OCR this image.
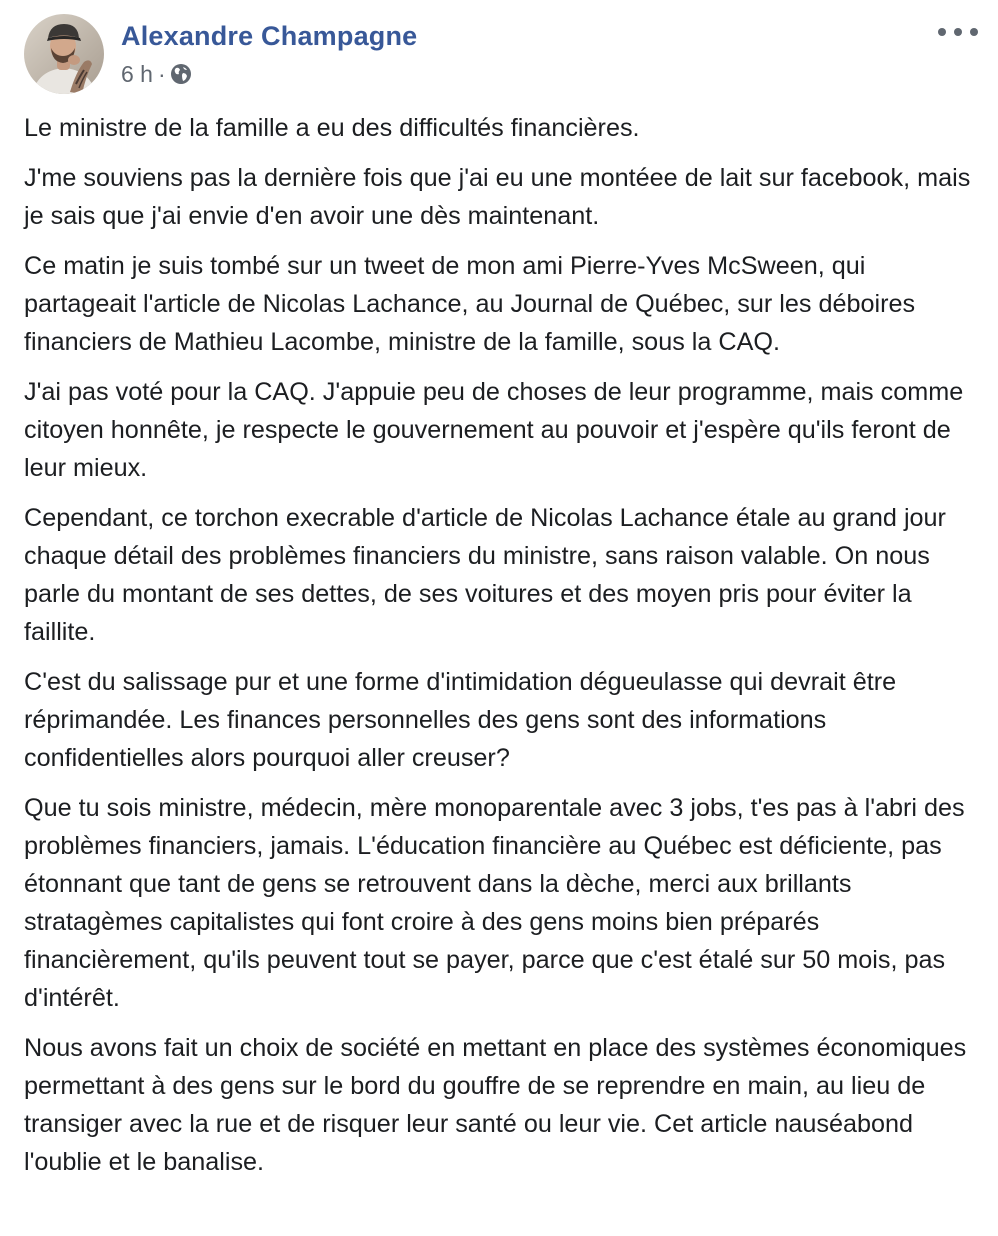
Alexandre Champagne
6 h ·

Le ministre de la famille a eu des difficultés financières.

J'me souviens pas la dernière fois que j'ai eu une montéee de lait sur facebook, mais je sais que j'ai envie d'en avoir une dès maintenant.

Ce matin je suis tombé sur un tweet de mon ami Pierre-Yves McSween, qui partageait l'article de Nicolas Lachance, au Journal de Québec, sur les déboires financiers de Mathieu Lacombe, ministre de la famille, sous la CAQ.

J'ai pas voté pour la CAQ. J'appuie peu de choses de leur programme, mais comme citoyen honnête, je respecte le gouvernement au pouvoir et j'espère qu'ils feront de leur mieux.

Cependant, ce torchon execrable d'article de Nicolas Lachance étale au grand jour chaque détail des problèmes financiers du ministre, sans raison valable. On nous parle du montant de ses dettes, de ses voitures et des moyen pris pour éviter la faillite.

C'est du salissage pur et une forme d'intimidation dégueulasse qui devrait être réprimandée. Les finances personnelles des gens sont des informations confidentielles alors pourquoi aller creuser?

Que tu sois ministre, médecin, mère monoparentale avec 3 jobs, t'es pas à l'abri des problèmes financiers, jamais. L'éducation financière au Québec est déficiente, pas étonnant que tant de gens se retrouvent dans la dèche, merci aux brillants stratagèmes capitalistes qui font croire à des gens moins bien préparés financièrement, qu'ils peuvent tout se payer, parce que c'est étalé sur 50 mois, pas d'intérêt.

Nous avons fait un choix de société en mettant en place des systèmes économiques permettant à des gens sur le bord du gouffre de se reprendre en main, au lieu de transiger avec la rue et de risquer leur santé ou leur vie. Cet article nauséabond l'oublie et le banalise.
